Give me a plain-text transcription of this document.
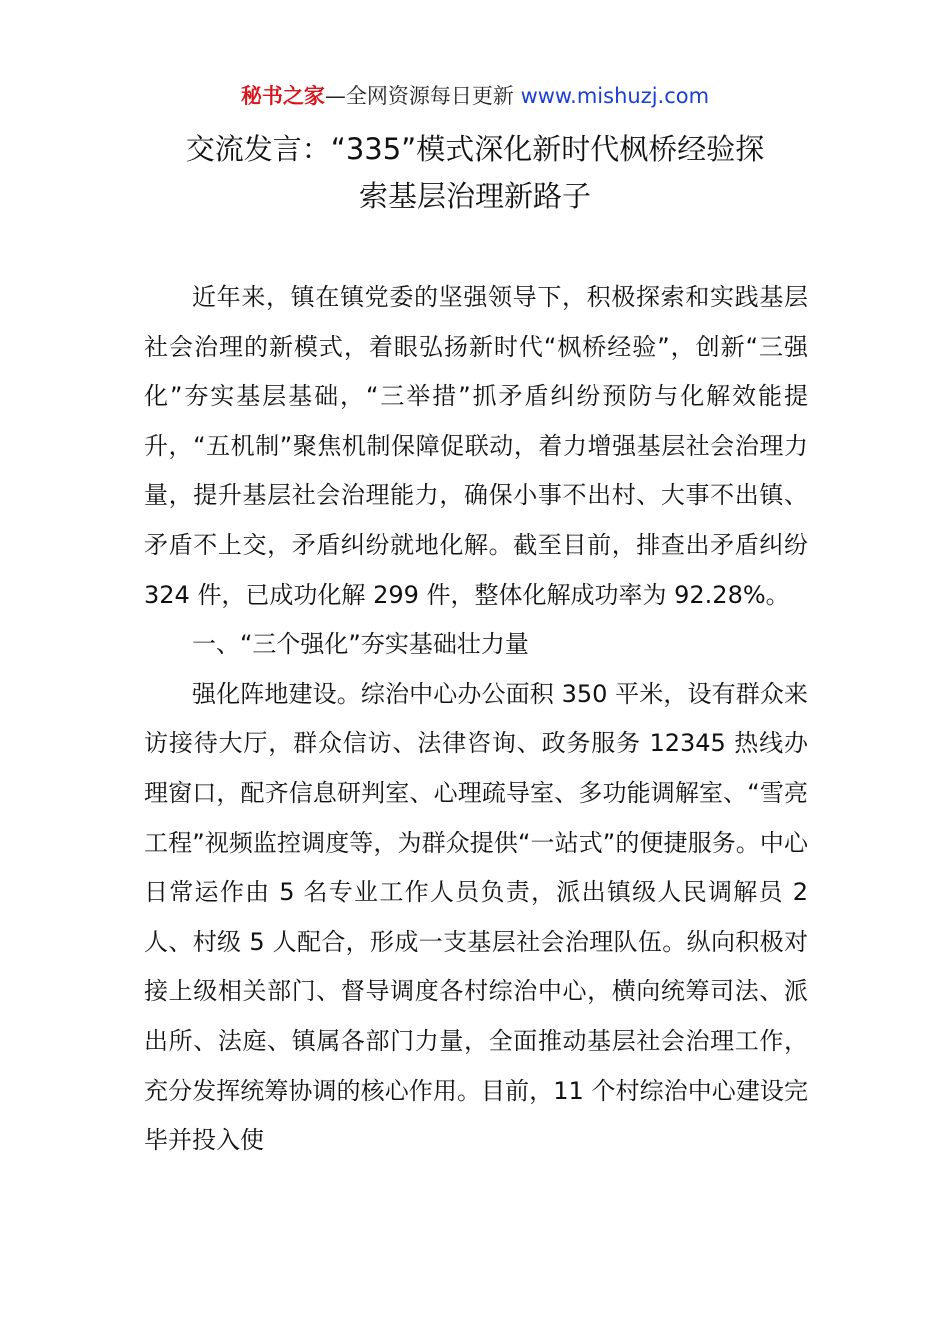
秘书之家—全网资源每日更新 www.mishuzj.com
交流发言：“335”模式深化新时代枫桥经验探
索基层治理新路子

近年来，镇在镇党委的坚强领导下，积极探索和实践基层社会治理的新模式，着眼弘扬新时代“枫桥经验”，创新“三强化”夯实基层基础，“三举措”抓矛盾纠纷预防与化解效能提升，“五机制”聚焦机制保障促联动，着力增强基层社会治理力量，提升基层社会治理能力，确保小事不出村、大事不出镇、矛盾不上交，矛盾纠纷就地化解。截至目前，排查出矛盾纠纷 324 件，已成功化解 299 件，整体化解成功率为 92.28%。

一、“三个强化”夯实基础壮力量

强化阵地建设。综治中心办公面积 350 平米，设有群众来访接待大厅，群众信访、法律咨询、政务服务 12345 热线办理窗口，配齐信息研判室、心理疏导室、多功能调解室、“雪亮工程”视频监控调度等，为群众提供“一站式”的便捷服务。中心日常运作由 5 名专业工作人员负责，派出镇级人民调解员 2 人、村级 5 人配合，形成一支基层社会治理队伍。纵向积极对接上级相关部门、督导调度各村综治中心，横向统筹司法、派出所、法庭、镇属各部门力量，全面推动基层社会治理工作，充分发挥统筹协调的核心作用。目前，11 个村综治中心建设完毕并投入使
